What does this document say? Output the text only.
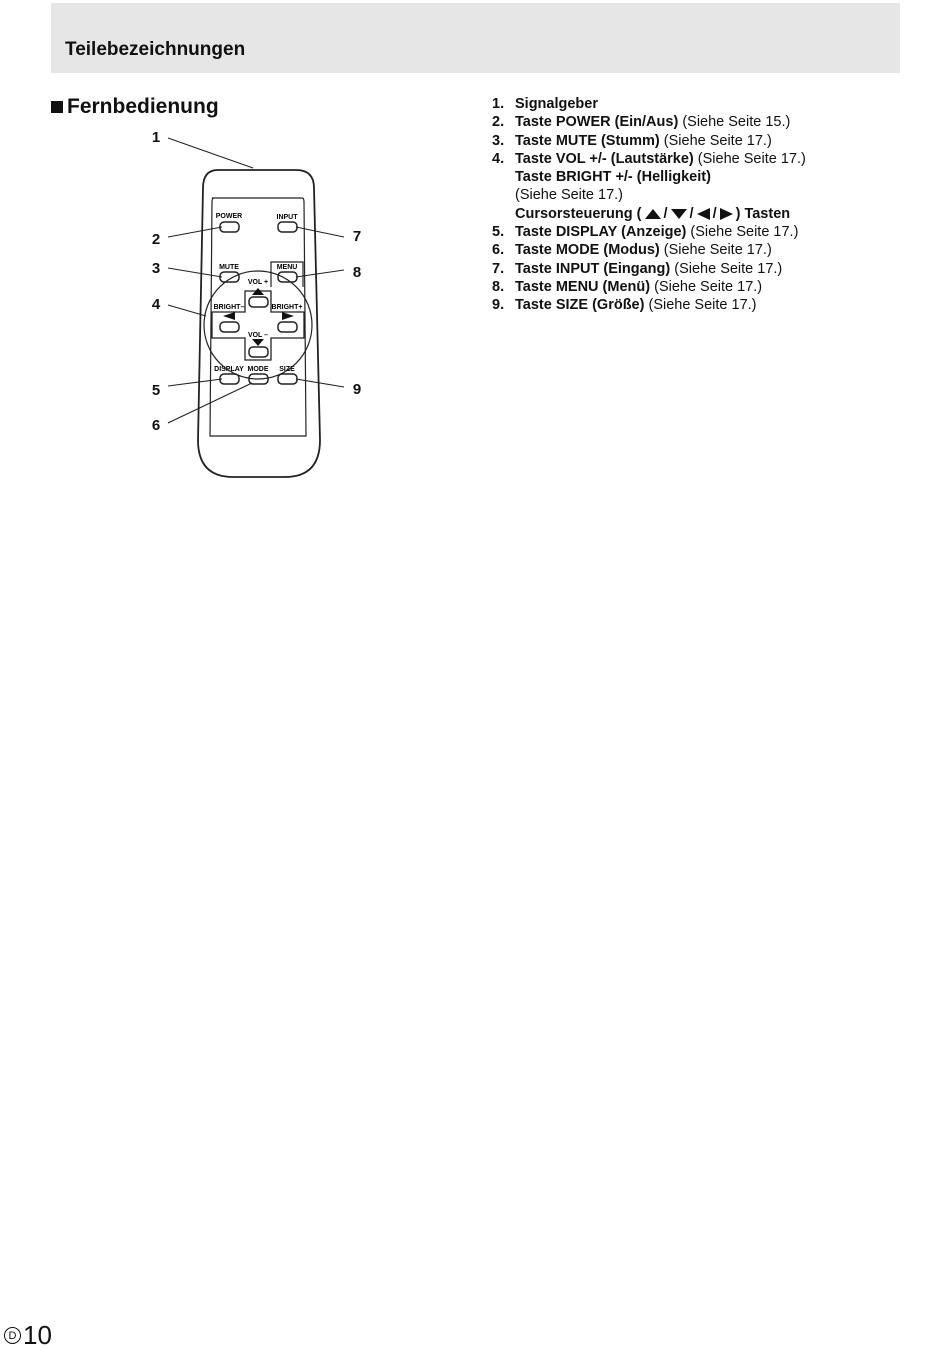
Teilebezeichnungen
Fernbedienung
POWER	INPUT
MUTE	MENU
VOL +
BRIGHT–	BRIGHT+
VOL –
DISPLAY MODE SIZE
1
2
3
4
5
6
7
8
9
1. Signalgeber
2. Taste POWER (Ein/Aus) (Siehe Seite 15.)
3. Taste MUTE (Stumm) (Siehe Seite 17.)
4. Taste VOL +/- (Lautstärke) (Siehe Seite 17.)
Taste BRIGHT +/- (Helligkeit)
(Siehe Seite 17.)
Cursorsteuerung ( / / / ) Tasten
5. Taste DISPLAY (Anzeige) (Siehe Seite 17.)
6. Taste MODE (Modus) (Siehe Seite 17.)
7. Taste INPUT (Eingang) (Siehe Seite 17.)
8. Taste MENU (Menü) (Siehe Seite 17.)
9. Taste SIZE (Größe) (Siehe Seite 17.)
D 10
